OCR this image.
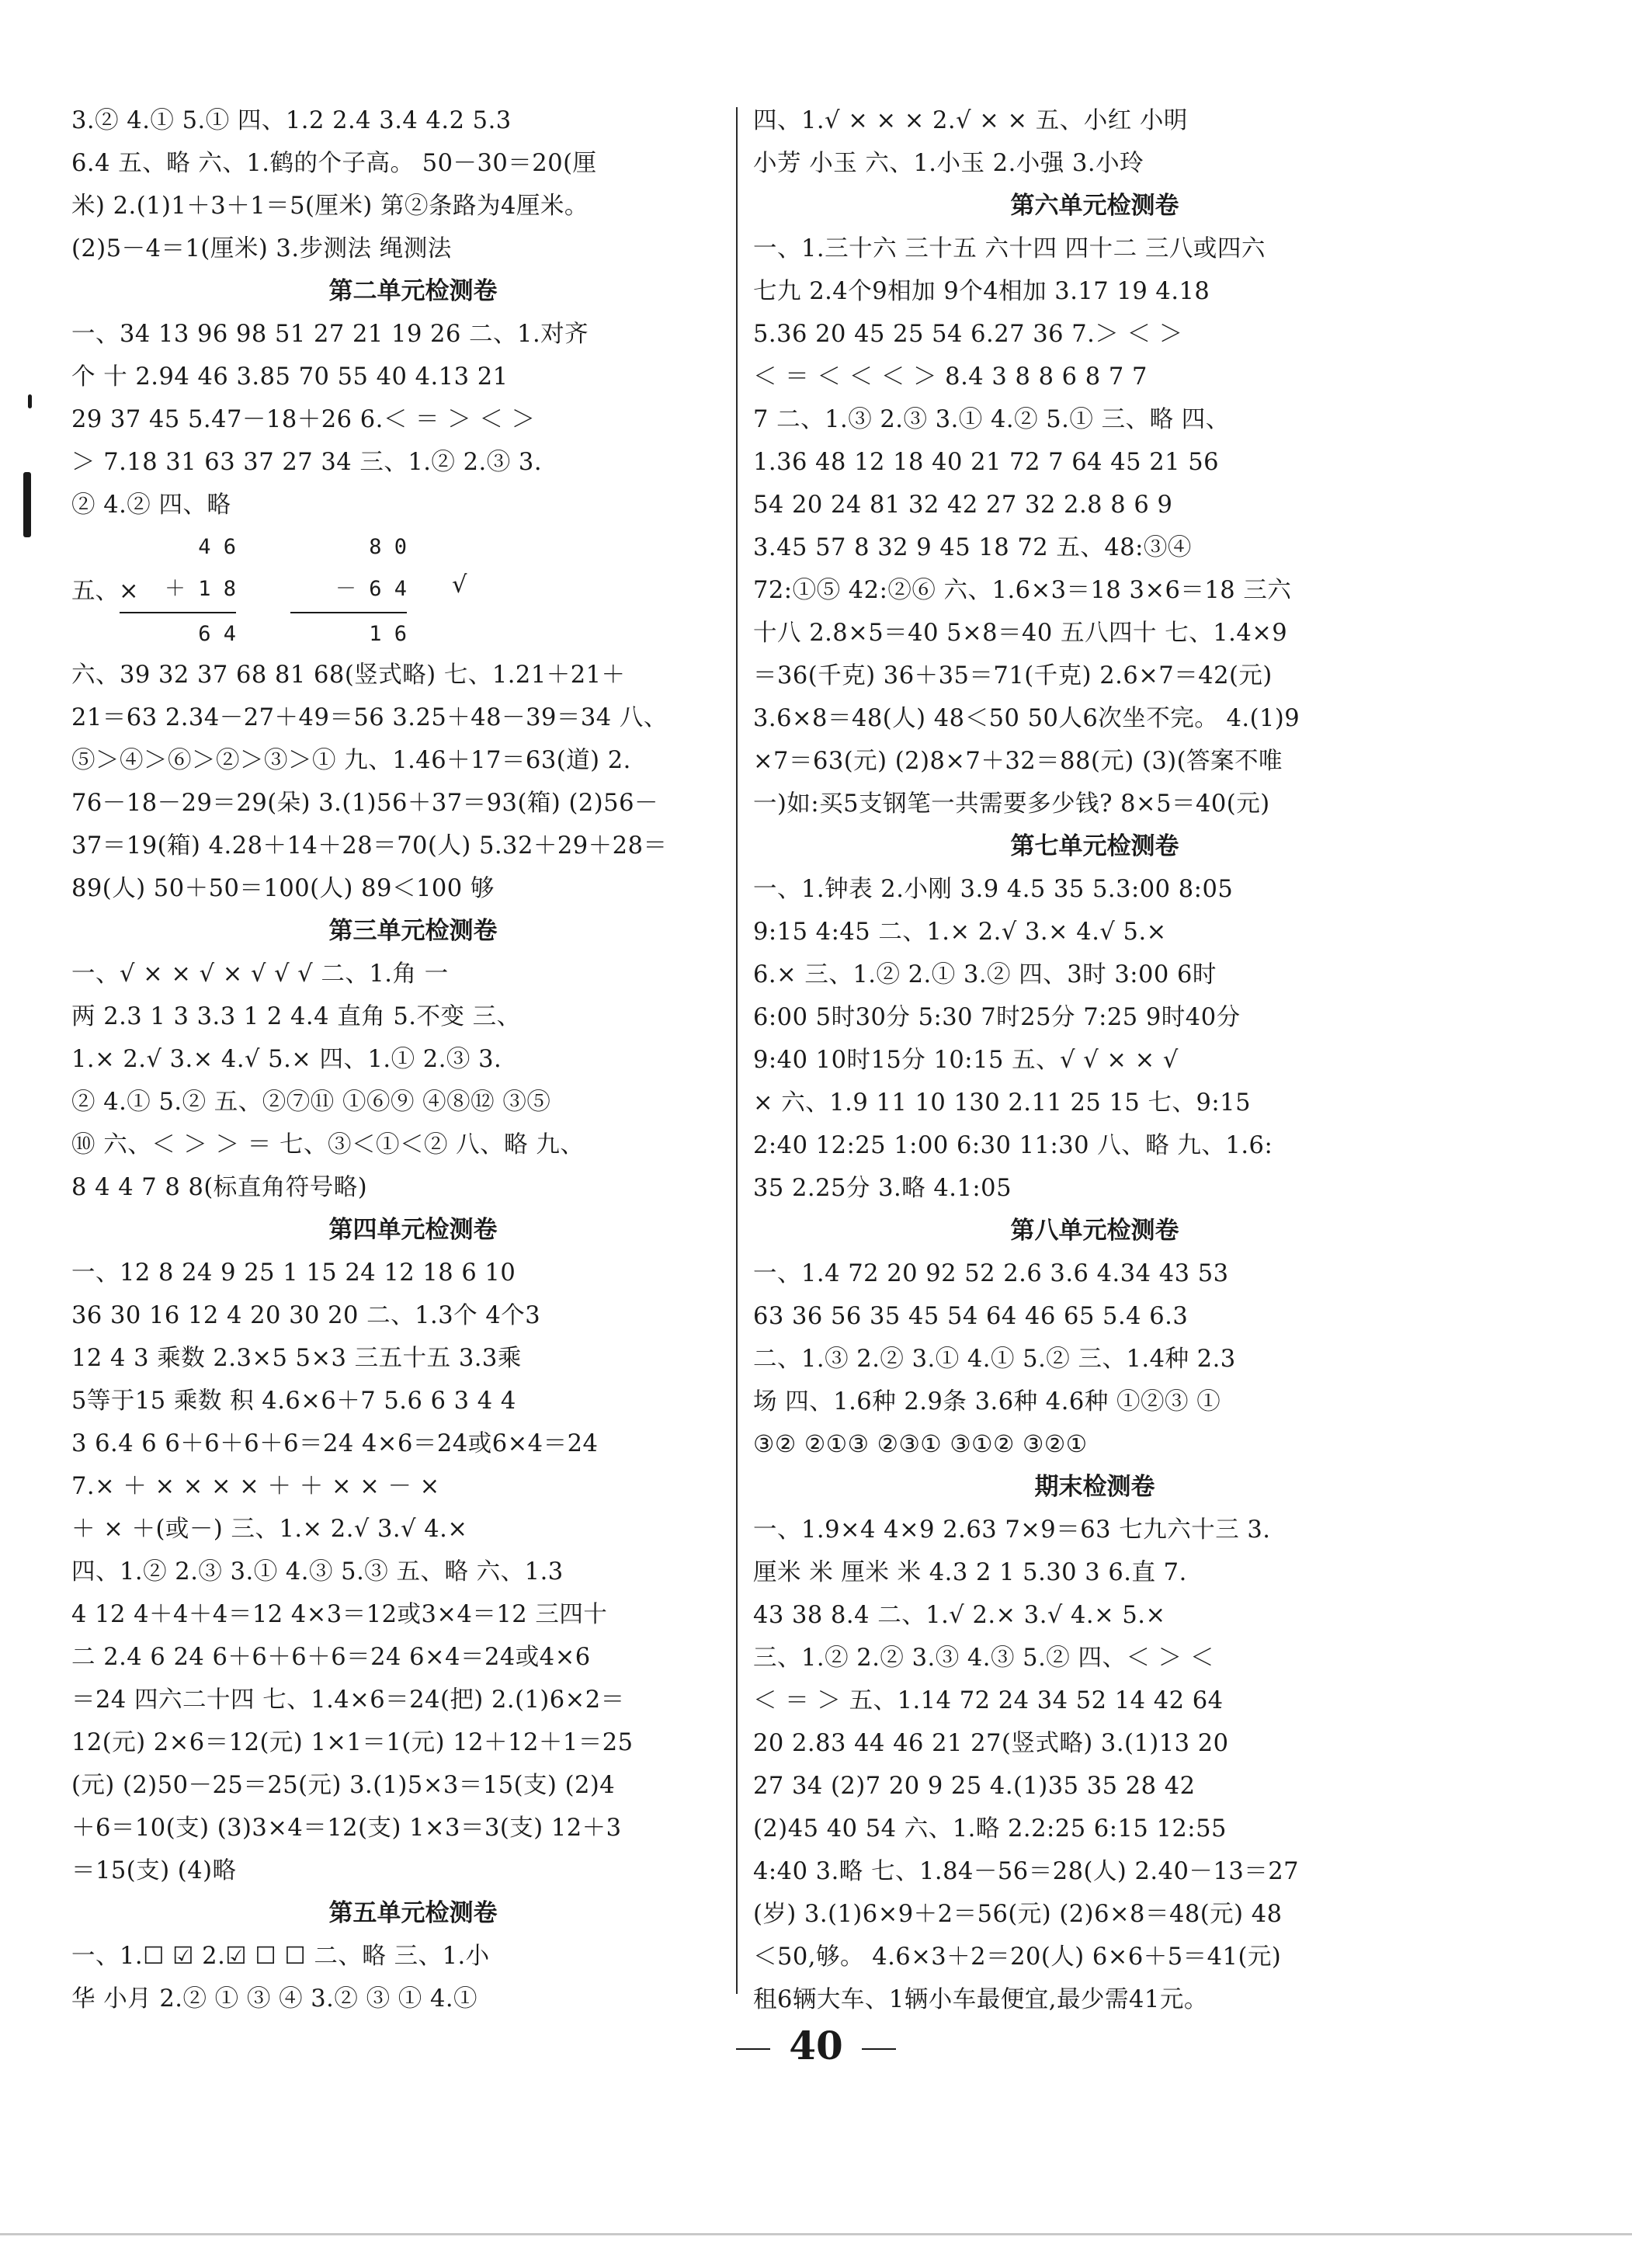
3.② 4.① 5.① 四、1.2 2.4 3.4 4.2 5.3
6.4 五、略 六、1.鹤的个子高。 50－30＝20(厘
米) 2.(1)1＋3＋1＝5(厘米) 第②条路为4厘米。
(2)5－4＝1(厘米) 3.步测法 绳测法
第二单元检测卷
一、34 13 96 98 51 27 21 19 26 二、1.对齐
个 十 2.94 46 3.85 70 55 40 4.13 21
29 37 45 5.47－18＋26 6.＜ ＝ ＞ ＜ ＞
＞ 7.18 31 63 37 27 34 三、1.② 2.③ 3.
② 4.② 四、略
五、×
4 6
＋ 1 8
6 4
8 0
－ 6 4
1 6
√
六、39 32 37 68 81 68(竖式略) 七、1.21＋21＋
21＝63 2.34－27＋49＝56 3.25＋48－39＝34 八、
⑤＞④＞⑥＞②＞③＞① 九、1.46＋17＝63(道) 2.
76－18－29＝29(朵) 3.(1)56＋37＝93(箱) (2)56－
37＝19(箱) 4.28＋14＋28＝70(人) 5.32＋29＋28＝
89(人) 50＋50＝100(人) 89＜100 够
第三单元检测卷
一、√ × × √ × √ √ √ 二、1.角 一
两 2.3 1 3 3.3 1 2 4.4 直角 5.不变 三、
1.× 2.√ 3.× 4.√ 5.× 四、1.① 2.③ 3.
② 4.① 5.② 五、②⑦⑪ ①⑥⑨ ④⑧⑫ ③⑤
⑩ 六、＜ ＞ ＞ ＝ 七、③＜①＜② 八、略 九、
8 4 4 7 8 8(标直角符号略)
第四单元检测卷
一、12 8 24 9 25 1 15 24 12 18 6 10
36 30 16 12 4 20 30 20 二、1.3个 4个3
12 4 3 乘数 2.3×5 5×3 三五十五 3.3乘
5等于15 乘数 积 4.6×6＋7 5.6 6 3 4 4
3 6.4 6 6＋6＋6＋6＝24 4×6＝24或6×4＝24
7.× ＋ × × × × ＋ ＋ × × － ×
＋ × ＋(或－) 三、1.× 2.√ 3.√ 4.×
四、1.② 2.③ 3.① 4.③ 5.③ 五、略 六、1.3
4 12 4＋4＋4＝12 4×3＝12或3×4＝12 三四十
二 2.4 6 24 6＋6＋6＋6＝24 6×4＝24或4×6
＝24 四六二十四 七、1.4×6＝24(把) 2.(1)6×2＝
12(元) 2×6＝12(元) 1×1＝1(元) 12＋12＋1＝25
(元) (2)50－25＝25(元) 3.(1)5×3＝15(支) (2)4
＋6＝10(支) (3)3×4＝12(支) 1×3＝3(支) 12＋3
＝15(支) (4)略
第五单元检测卷
一、1.☐ ☑ 2.☑ ☐ ☐ 二、略 三、1.小
华 小月 2.② ① ③ ④ 3.② ③ ① 4.①
四、1.√ × × × 2.√ × × 五、小红 小明
小芳 小玉 六、1.小玉 2.小强 3.小玲
第六单元检测卷
一、1.三十六 三十五 六十四 四十二 三八或四六
七九 2.4个9相加 9个4相加 3.17 19 4.18
5.36 20 45 25 54 6.27 36 7.＞ ＜ ＞
＜ ＝ ＜ ＜ ＜ ＞ 8.4 3 8 8 6 8 7 7
7 二、1.③ 2.③ 3.① 4.② 5.① 三、略 四、
1.36 48 12 18 40 21 72 7 64 45 21 56
54 20 24 81 32 42 27 32 2.8 8 6 9
3.45 57 8 32 9 45 18 72 五、48:③④
72:①⑤ 42:②⑥ 六、1.6×3＝18 3×6＝18 三六
十八 2.8×5＝40 5×8＝40 五八四十 七、1.4×9
＝36(千克) 36＋35＝71(千克) 2.6×7＝42(元)
3.6×8＝48(人) 48＜50 50人6次坐不完。 4.(1)9
×7＝63(元) (2)8×7＋32＝88(元) (3)(答案不唯
一)如:买5支钢笔一共需要多少钱? 8×5＝40(元)
第七单元检测卷
一、1.钟表 2.小刚 3.9 4.5 35 5.3:00 8:05
9:15 4:45 二、1.× 2.√ 3.× 4.√ 5.×
6.× 三、1.② 2.① 3.② 四、3时 3:00 6时
6:00 5时30分 5:30 7时25分 7:25 9时40分
9:40 10时15分 10:15 五、√ √ × × √
× 六、1.9 11 10 130 2.11 25 15 七、9:15
2:40 12:25 1:00 6:30 11:30 八、略 九、1.6:
35 2.25分 3.略 4.1:05
第八单元检测卷
一、1.4 72 20 92 52 2.6 3.6 4.34 43 53
63 36 56 35 45 54 64 46 65 5.4 6.3
二、1.③ 2.② 3.① 4.① 5.② 三、1.4种 2.3
场 四、1.6种 2.9条 3.6种 4.6种 ①②③ ①
③② ②①③ ②③① ③①② ③②①
期末检测卷
一、1.9×4 4×9 2.63 7×9＝63 七九六十三 3.
厘米 米 厘米 米 4.3 2 1 5.30 3 6.直 7.
43 38 8.4 二、1.√ 2.× 3.√ 4.× 5.×
三、1.② 2.② 3.③ 4.③ 5.② 四、＜ ＞ ＜
＜ ＝ ＞ 五、1.14 72 24 34 52 14 42 64
20 2.83 44 46 21 27(竖式略) 3.(1)13 20
27 34 (2)7 20 9 25 4.(1)35 35 28 42
(2)45 40 54 六、1.略 2.2:25 6:15 12:55
4:40 3.略 七、1.84－56＝28(人) 2.40－13＝27
(岁) 3.(1)6×9＋2＝56(元) (2)6×8＝48(元) 48
＜50,够。 4.6×3＋2＝20(人) 6×6＋5＝41(元)
租6辆大车、1辆小车最便宜,最少需41元。
40
